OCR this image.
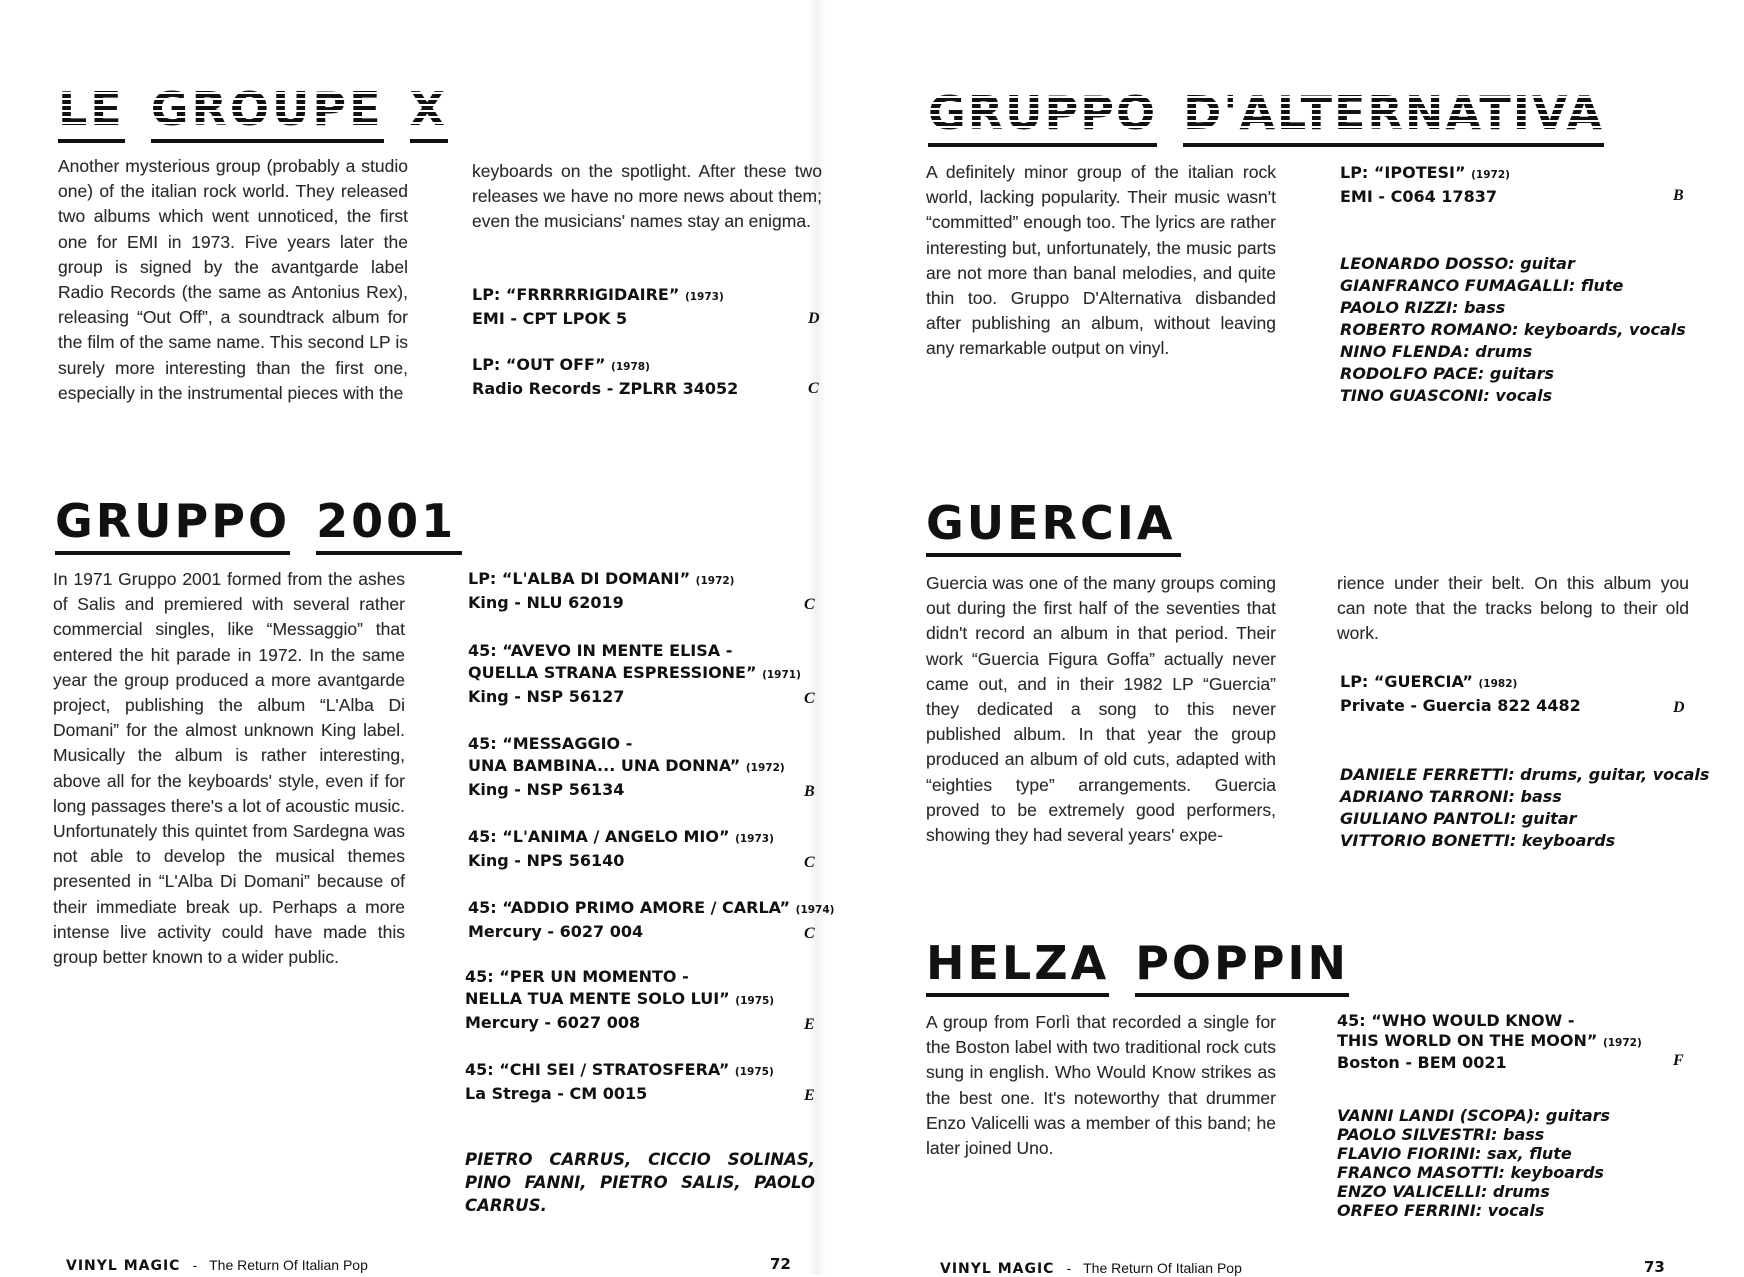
LE GROUPE X

Another mysterious group (probably a studio one) of the italian rock world. They released two albums which went unnoticed, the first one for EMI in 1973. Five years later the group is signed by the avantgarde label Radio Records (the same as Antonius Rex), releasing “Out Off”, a soundtrack album for the film of the same name. This second LP is surely more interesting than the first one, especially in the instrumental pieces with the

keyboards on the spotlight. After these two releases we have no more news about them; even the musicians' names stay an enigma.

LP: “FRRRRRIGIDAIRE” (1973)
EMI - CPT LPOK 5	D
LP: “OUT OFF” (1978)
Radio Records - ZPLRR 34052	C
GRUPPO 2001

In 1971 Gruppo 2001 formed from the ashes of Salis and premiered with several rather commercial singles, like “Messaggio” that entered the hit parade in 1972. In the same year the group produced a more avantgarde project, publishing the album “L'Alba Di Domani” for the almost unknown King label. Musically the album is rather interesting, above all for the keyboards' style, even if for long passages there's a lot of acoustic music. Unfortunately this quintet from Sardegna was not able to develop the musical themes presented in “L'Alba Di Domani” because of their immediate break up. Perhaps a more intense live activity could have made this group better known to a wider public.

LP: “L'ALBA DI DOMANI” (1972)
King - NLU 62019	C
45: “AVEVO IN MENTE ELISA -
QUELLA STRANA ESPRESSIONE” (1971)
King - NSP 56127	C
45: “MESSAGGIO -
UNA BAMBINA... UNA DONNA” (1972)
King - NSP 56134	B
45: “L'ANIMA / ANGELO MIO” (1973)
King - NPS 56140	C
45: “ADDIO PRIMO AMORE / CARLA” (1974)
Mercury - 6027 004	C
45: “PER UN MOMENTO -
NELLA TUA MENTE SOLO LUI” (1975)
Mercury - 6027 008	E
45: “CHI SEI / STRATOSFERA” (1975)
La Strega - CM 0015	E

PIETRO CARRUS, CICCIO SOLINAS, PINO FANNI, PIETRO SALIS, PAOLO CARRUS.

VINYL MAGIC - The Return Of Italian Pop	72
GRUPPO D'ALTERNATIVA

A definitely minor group of the italian rock world, lacking popularity. Their music wasn't “committed” enough too. The lyrics are rather interesting but, unfortunately, the music parts are not more than banal melodies, and quite thin too. Gruppo D'Alternativa disbanded after publishing an album, without leaving any remarkable output on vinyl.

LP: “IPOTESI” (1972)
EMI - C064 17837	B
LEONARDO DOSSO: guitar
GIANFRANCO FUMAGALLI: flute
PAOLO RIZZI: bass
ROBERTO ROMANO: keyboards, vocals
NINO FLENDA: drums
RODOLFO PACE: guitars
TINO GUASCONI: vocals
GUERCIA

Guercia was one of the many groups coming out during the first half of the seventies that didn't record an album in that period. Their work “Guercia Figura Goffa” actually never came out, and in their 1982 LP “Guercia” they dedicated a song to this never published album. In that year the group produced an album of old cuts, adapted with “eighties type” arrangements. Guercia proved to be extremely good performers, showing they had several years' expe-

rience under their belt. On this album you can note that the tracks belong to their old work.

LP: “GUERCIA” (1982)
Private - Guercia 822 4482	D
DANIELE FERRETTI: drums, guitar, vocals
ADRIANO TARRONI: bass
GIULIANO PANTOLI: guitar
VITTORIO BONETTI: keyboards
HELZA POPPIN

A group from Forlì that recorded a single for the Boston label with two traditional rock cuts sung in english. Who Would Know strikes as the best one. It's noteworthy that drummer Enzo Valicelli was a member of this band; he later joined Uno.

45: “WHO WOULD KNOW -
THIS WORLD ON THE MOON” (1972)
Boston - BEM 0021	F
VANNI LANDI (SCOPA): guitars
PAOLO SILVESTRI: bass
FLAVIO FIORINI: sax, flute
FRANCO MASOTTI: keyboards
ENZO VALICELLI: drums
ORFEO FERRINI: vocals
VINYL MAGIC - The Return Of Italian Pop	73
